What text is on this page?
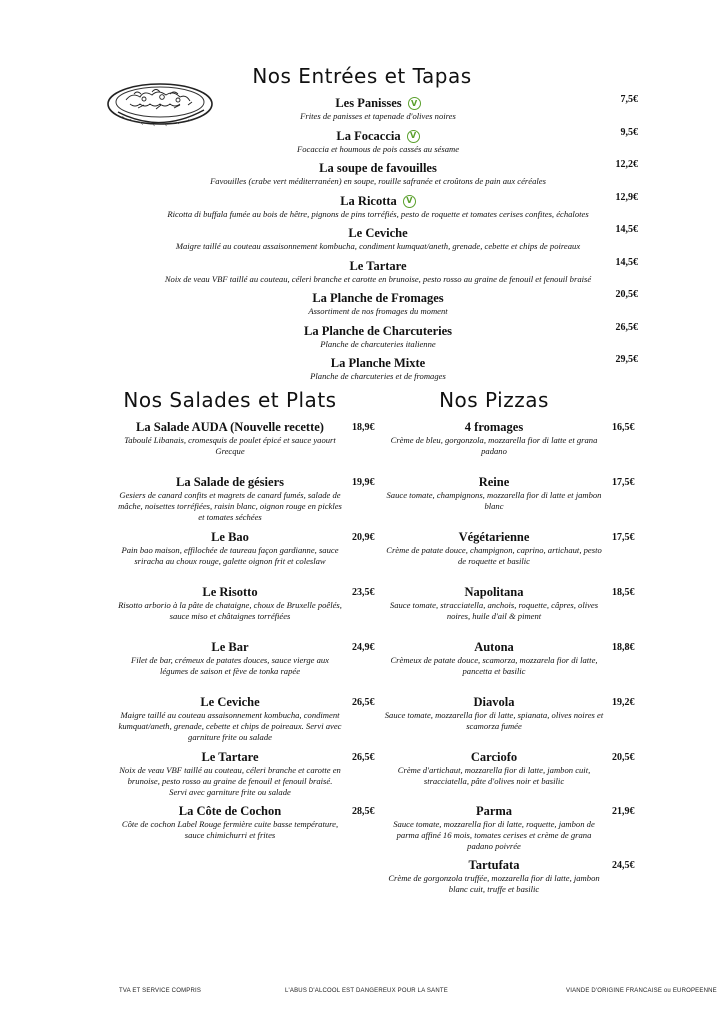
Nos Entrées et Tapas
Les Panisses	V
Frites de panisses et tapenade d'olives noires
7,5€
La Focaccia	V
Focaccia et houmous de pois cassés au sésame
9,5€
La soupe de favouilles
Favouilles (crabe vert méditerranéen) en soupe, rouille safranée et croûtons de pain aux céréales
12,2€
La Ricotta	V
Ricotta di buffala fumée au bois de hêtre, pignons de pins torréfiés, pesto de roquette et tomates cerises confites, échalotes
12,9€
Le Ceviche
Maigre taillé au couteau assaisonnement kombucha, condiment kumquat/aneth, grenade, cebette et chips de poireaux
14,5€
Le Tartare
Noix de veau VBF taillé au couteau, céleri branche et carotte en brunoise, pesto rosso au graine de fenouil et fenouil braisé
14,5€
La Planche de Fromages
Assortiment de nos fromages du moment
20,5€
La Planche de Charcuteries
Planche de charcuteries italienne
26,5€
La Planche Mixte
Planche de charcuteries et de fromages
29,5€
Nos Salades et Plats
La Salade AUDA (Nouvelle recette)
Taboulé Libanais, cromesquis de poulet épicé et sauce yaourt Grecque
18,9€
La Salade de gésiers
Gesiers de canard confits et magrets de canard fumés, salade de mâche, noisettes torréfiées, raisin blanc, oignon rouge en pickles et tomates séchées
19,9€
Le Bao
Pain bao maison, effilochée de taureau façon gardianne, sauce sriracha au choux rouge, galette oignon frit et coleslaw
20,9€
Le Risotto
Risotto arborio à la pâte de chataigne, choux de Bruxelle poêlés, sauce miso et châtaignes torréfiées
23,5€
Le Bar
Filet de bar, crémeux de patates douces, sauce vierge aux légumes de saison et fève de tonka rapée
24,9€
Le Ceviche
Maigre taillé au couteau assaisonnement kombucha, condiment kumquat/aneth, grenade, cebette et chips de poireaux. Servi avec garniture frite ou salade
26,5€
Le Tartare
Noix de veau VBF taillé au couteau, céleri branche et carotte en brunoise, pesto rosso au graine de fenouil et fenouil braisé. Servi avec garniture frite ou salade
26,5€
La Côte de Cochon
Côte de cochon Label Rouge fermière cuite basse température, sauce chimichurri et frites
28,5€
Nos Pizzas
4 fromages
Crème de bleu, gorgonzola, mozzarella fior di latte et grana padano
16,5€
Reine
Sauce tomate, champignons, mozzarella fior di latte et jambon blanc
17,5€
Végétarienne
Crème de patate douce, champignon, caprino, artichaut, pesto de roquette et basilic
17,5€
Napolitana
Sauce tomate, stracciatella, anchois, roquette, câpres, olives noires, huile d'ail & piment
18,5€
Autona
Crèmeux de patate douce, scamorza, mozzarela fior di latte, pancetta et basilic
18,8€
Diavola
Sauce tomate, mozzarella fior di latte, spianata, olives noires et scamorza fumée
19,2€
Carciofo
Crème d'artichaut, mozzarella fior di latte, jambon cuit, stracciatella, pâte d'olives noir et basilic
20,5€
Parma
Sauce tomate, mozzarella fior di latte, roquette, jambon de parma affiné 16 mois, tomates cerises et crème de grana padano poivrée
21,9€
Tartufata
Crème de gorgonzola truffée, mozzarella fior di latte, jambon blanc cuit, truffe et basilic
24,5€
TVA ET SERVICE COMPRIS	L'ABUS D'ALCOOL EST DANGEREUX POUR LA SANTE	VIANDE D'ORIGINE FRANCAISE ou EUROPEENNE
